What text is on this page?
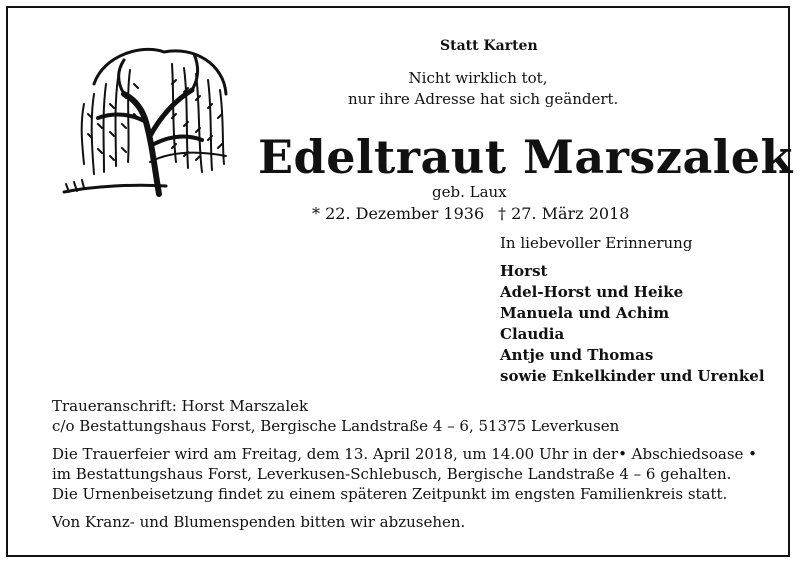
Statt Karten
Nicht wirklich tot,
nur ihre Adresse hat sich geändert.
Edeltraut Marszalek
geb. Laux
* 22. Dezember 1936 † 27. März 2018
In liebevoller Erinnerung
Horst
Adel-Horst und Heike
Manuela und Achim
Claudia
Antje und Thomas
sowie Enkelkinder und Urenkel
Traueranschrift: Horst Marszalek
c/o Bestattungshaus Forst, Bergische Landstraße 4 – 6, 51375 Leverkusen
Die Trauerfeier wird am Freitag, dem 13. April 2018, um 14.00 Uhr in der • Abschiedsoase •
im Bestattungshaus Forst, Leverkusen-Schlebusch, Bergische Landstraße 4 – 6 gehalten.
Die Urnenbeisetzung findet zu einem späteren Zeitpunkt im engsten Familienkreis statt.
Von Kranz- und Blumenspenden bitten wir abzusehen.
